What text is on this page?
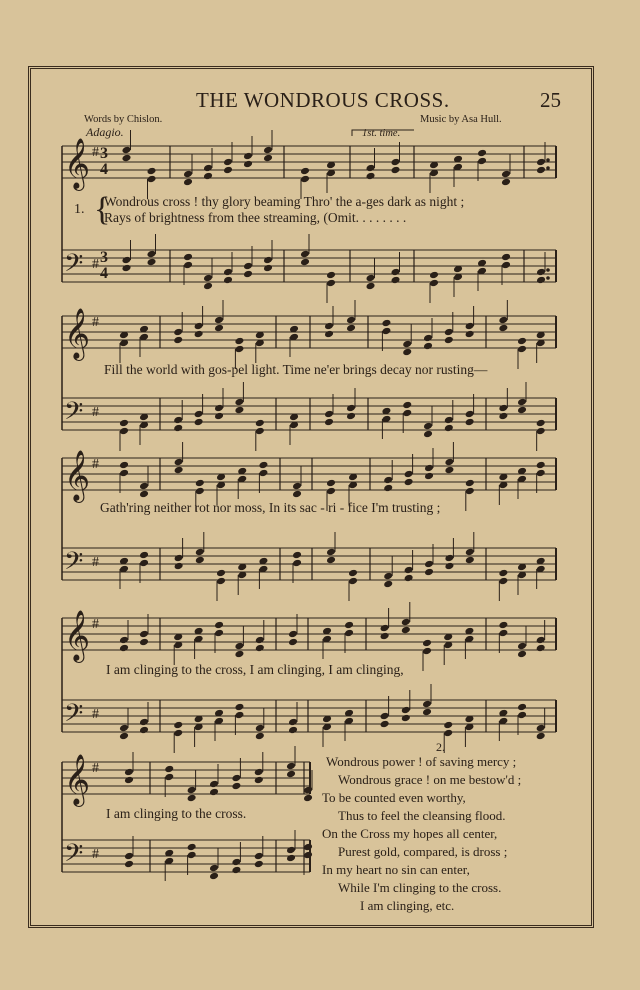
𝄞 #
𝄢 #
𝄞 #
𝄢 #
𝄞 #
𝄢 #
𝄞 #
𝄢 #
𝄞 #
𝄢 #
3
3
4
4
{
THE WONDROUS CROSS.	25
Words by Chislon.	Music by Asa Hull.
Adagio.	1st. time.
1.
Wondrous cross ! thy glory beaming Thro' the a-ges dark as night ;
Rays of brightness from thee streaming, (Omit. . . . . . . .
Fill the world with gos-pel light. Time ne'er brings decay nor rusting—
Gath'ring neither rot nor moss, In its sac - ri - fice I'm trusting ;
I am clinging to the cross, I am clinging, I am clinging,
I am clinging to the cross.
2.
Wondrous power ! of saving mercy ;
Wondrous grace ! on me bestow'd ;
To be counted even worthy,
Thus to feel the cleansing flood.
On the Cross my hopes all center,
Purest gold, compared, is dross ;
In my heart no sin can enter,
While I'm clinging to the cross.
I am clinging, etc.
